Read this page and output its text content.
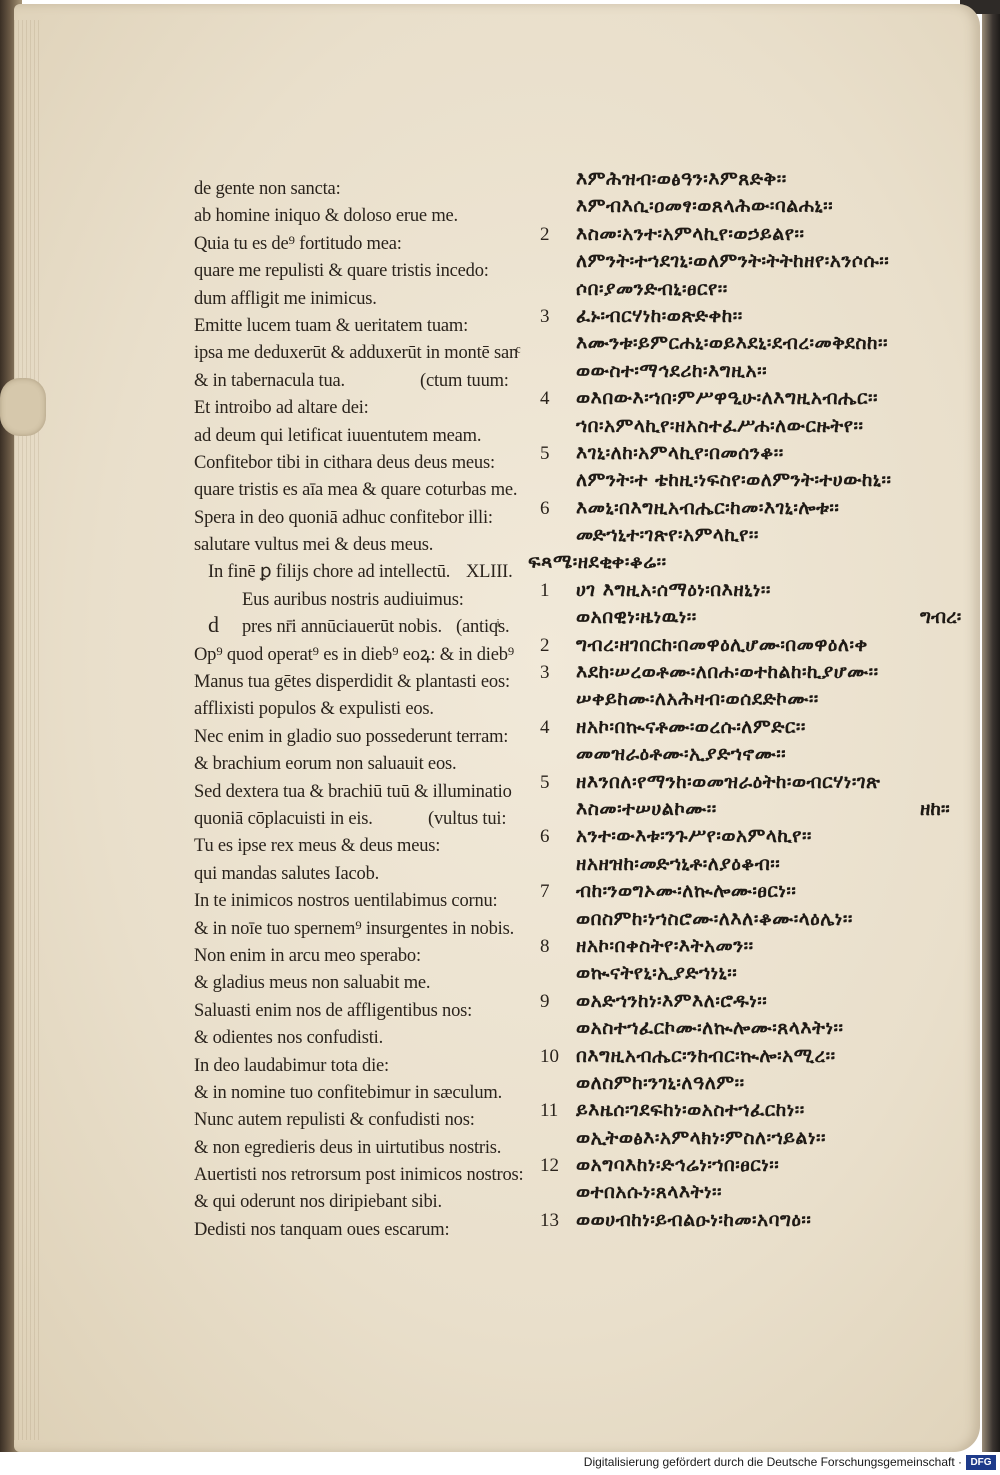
de gente non sancta:
ab homine iniquo & doloso erue me.
Quia tu es de⁹ fortitudo mea:
quare me repulisti & quare tristis incedo:
dum affligit me inimicus.
Emitte lucem tuam & ueritatem tuam:
ipsa me deduxerūt & adduxerūt in montē sanͨ
& in tabernacula tua.	(ctum tuum:
Et introibo ad altare dei:
ad deum qui letificat iuuentutem meam.
Confitebor tibi in cithara deus deus meus:
quare tristis es aīa mea & quare coturbas me.
Spera in deo quoniā adhuc confitebor illi:
salutare vultus mei & deus meus.
In finē ꝑ filijs chore ad intellectū. XLIII.
Eus auribus nostris audiuimus:
pres nr̄i annūciauerūt nobis. (antiqͥs.
Op⁹ quod operat⁹ es in dieb⁹ eoꝝ: & in dieb⁹
Manus tua gētes disperdidit & plantasti eos:
afflixisti populos & expulisti eos.
Nec enim in gladio suo possederunt terram:
& brachium eorum non saluauit eos.
Sed dextera tua & brachiū tuū & illuminatio
quoniā cōplacuisti in eis.	(vultus tui:
Tu es ipse rex meus & deus meus:
qui mandas salutes Iacob.
In te inimicos nostros uentilabimus cornu:
& in noīe tuo spernem⁹ insurgentes in nobis.
Non enim in arcu meo sperabo:
& gladius meus non saluabit me.
Saluasti enim nos de affligentibus nos:
& odientes nos confudisti.
In deo laudabimur tota die:
& in nomine tuo confitebimur in sæculum.
Nunc autem repulisti & confudisti nos:
& non egredieris deus in uirtutibus nostris.
Auertisti nos retrorsum post inimicos nostros:
& qui oderunt nos diripiebant sibi.
Dedisti nos tanquam oues escarum:
d
እምሕዝብ፡ወፅዓን፡እምጸድቅ፡፡
እምብእሲ፡ዐመፃ፡ወጸላሕው፡ባልሐኒ፡፡
2	እስመ፡አንተ፡አምላኪየ፡ወኃይልየ፡፡
ለምንት፡ተኀደገኒ፡ወለምንት፡ትትከዘየ፡አንሶሱ፡፡
ሶበ፡ያመንድብኒ፡ፀርየ፡፡
3	ፈኑ፡ብርሃነከ፡ወጽድቀከ፡፡
እሙንቱ፡ይምርሐኒ፡ወይእደኒ፡ደብረ፡መቅደስከ፡፡
ወውስተ፡ማኅደሪከ፡እግዚአ፡፡
4	ወእበውእ፡ኀበ፡ምሥዋዒሁ፡ለእግዚአብሔር፡፡
ኀበ፡አምላኪየ፡ዘአስተፈሥሐ፡ለውርዙትየ፡፡
5	እገኒ፡ለከ፡አምላኪየ፡በመሰንቆ፡፡
ለምንት፡ተ ቴከዚ፡ነፍስየ፡ወለምንት፡ተሀውከኒ፡፡
6	እመኒ፡በእግዚአብሔር፡ከመ፡እገኒ፡ሎቱ፡፡
መድኀኒተ፡ገጽየ፡አምላኪየ፡፡
ፍጻሜ፡ዘደቂቀ፡ቆሬ፡፡
1	ሀገ እግዚአ፡ሰማዕነ፡በእዘኒነ፡፡
ወአበዊነ፡ዜነዉነ፡፡	ግብረ፡
2	ግብረ፡ዘገበርከ፡በመዋዕሊሆሙ፡በመዋዕለ፡ቀ
3	እደከ፡ሠረወቶሙ፡ለበሐ፡ወተከልከ፡ኪያሆሙ፡፡
ሠቀይከሙ፡ለአሕዛብ፡ወሰደድኮሙ፡፡
4	ዘአኮ፡በኲናቶሙ፡ወረሱ፡ለምድር፡፡
መመዝራዕቶሙ፡ኢያድኀኖሙ፡፡
5	ዘእንበለ፡የማንከ፡ወመዝራዕትከ፡ወብርሃነ፡ገጽ
እስመ፡ተሠሀልኮሙ፡፡	ዘከ፡፡
6	አንተ፡ውእቱ፡ንጉሥየ፡ወአምላኪየ፡፡
ዘአዘዝከ፡መድኀኒቶ፡ለያዕቆብ፡፡
7	ብከ፡ንወግኦሙ፡ለኲሎሙ፡ፀርነ፡፡
ወበስምከ፡ነኀስሮሙ፡ለእለ፡ቆሙ፡ላዕሌነ፡፡
8	ዘአኮ፡በቀስትየ፡እትአመን፡፡
ወኲናትየኒ፡ኢያድኀነኒ፡፡
9	ወአድኀንከነ፡እምእለ፡ሮዱነ፡፡
ወአስተኀፈርኮሙ፡ለኲሎሙ፡ጸላእትነ፡፡
10 በእግዚአብሔር፡ንከብር፡ኲሎ፡አሚረ፡፡
ወለስምከ፡ንገኒ፡ለዓለም፡፡
11 ይእዜሰ፡ገደፍከነ፡ወአስተኀፈርከነ፡፡
ወኢትወፅእ፡አምላክነ፡ምስለ፡ኀይልነ፡፡
12 ወአግባእከነ፡ድኅሬነ፡ኀበ፡ፀርነ፡፡
ወተበአሱነ፡ጸላእትነ፡፡
13 ወወሀብከነ፡ይብልዑነ፡ከመ፡አባግዕ፡፡
Digitalisierung gefördert durch die Deutsche Forschungsgemeinschaft · DFG
